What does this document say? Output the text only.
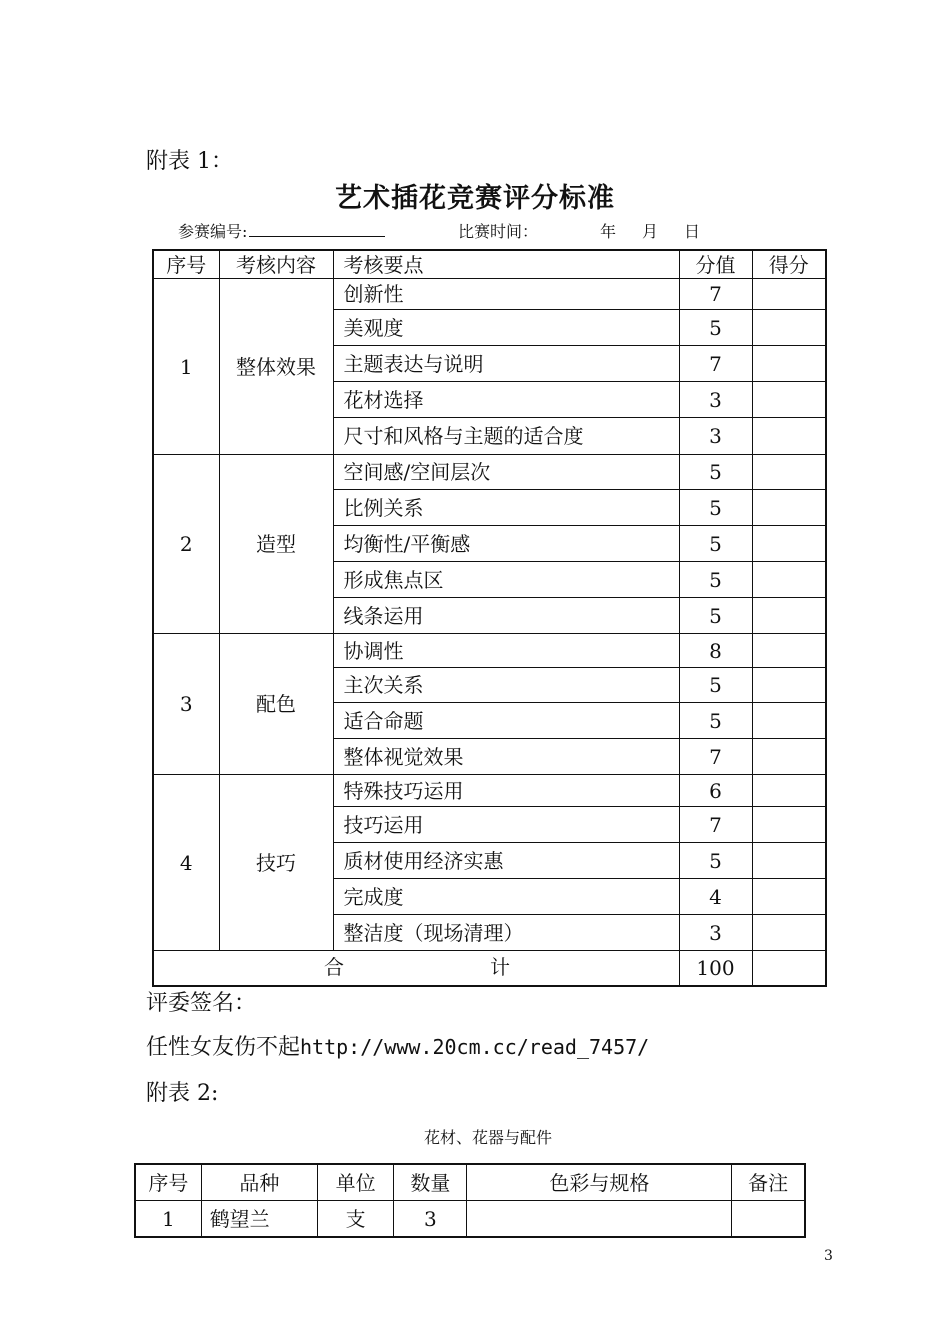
附表 1：
艺术插花竞赛评分标准
参赛编号:	比赛时间：	年 月 日
序号	考核内容	考核要点	分值	得分
1	整体效果	创新性	7	
		美观度	5	
		主题表达与说明	7	
		花材选择	3	
		尺寸和风格与主题的适合度	3	
2	造型	空间感/空间层次	5	
		比例关系	5	
		均衡性/平衡感	5	
		形成焦点区	5	
		线条运用	5	
3	配色	协调性	8	
		主次关系	5	
		适合命题	5	
		整体视觉效果	7	
4	技巧	特殊技巧运用	6	
		技巧运用	7	
		质材使用经济实惠	5	
		完成度	4	
		整洁度（现场清理）	3	

合 计			100	
评委签名：
任性女友伤不起http://www.20cm.cc/read_7457/
附表 2:
花材、花器与配件
序号	品种	单位	数量	色彩与规格	备注
1	鹤望兰	支	3		
3
